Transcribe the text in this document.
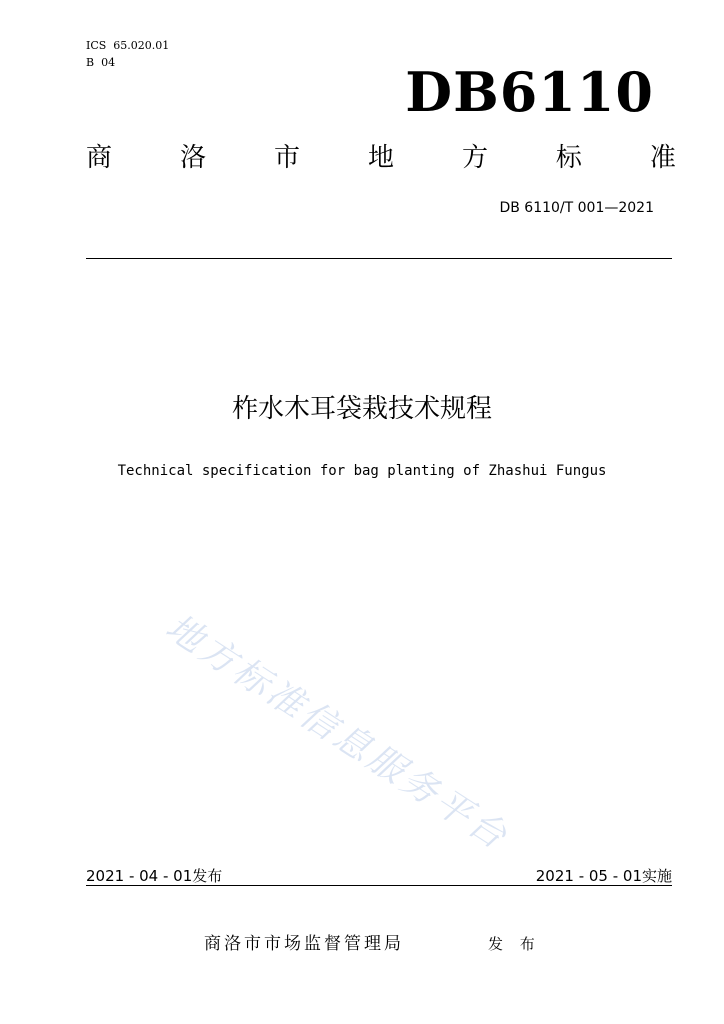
ICS  65.020.01
B  04	DB6110
商	洛	市	地	方	标	准
DB 6110/T 001—2021
柞水木耳袋栽技术规程
Technical specification for bag planting of Zhashui Fungus
地方标准信息服务平台
2021 - 04 - 01发布	2021 - 05 - 01实施
商洛市市场监督管理局	发 布
